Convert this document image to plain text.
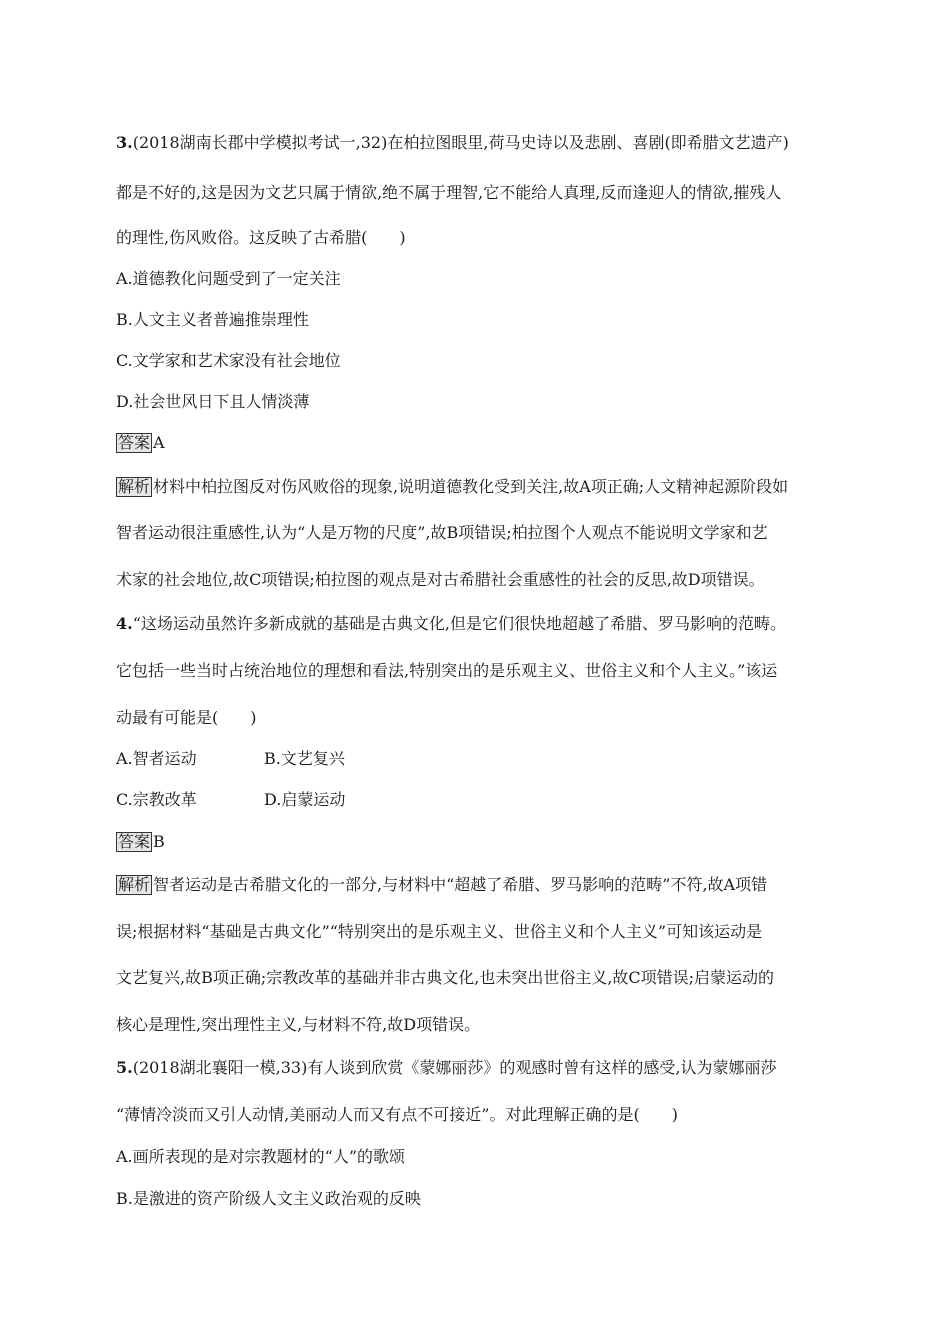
3.(2018湖南长郡中学模拟考试一,32)在柏拉图眼里,荷马史诗以及悲剧、喜剧(即希腊文艺遗产)
都是不好的,这是因为文艺只属于情欲,绝不属于理智,它不能给人真理,反而逢迎人的情欲,摧残人
的理性,伤风败俗。这反映了古希腊(　　)
A.道德教化问题受到了一定关注
B.人文主义者普遍推崇理性
C.文学家和艺术家没有社会地位
D.社会世风日下且人情淡薄
答案 A
解析 材料中柏拉图反对伤风败俗的现象,说明道德教化受到关注,故A项正确;人文精神起源阶段如
智者运动很注重感性,认为“人是万物的尺度”,故B项错误;柏拉图个人观点不能说明文学家和艺
术家的社会地位,故C项错误;柏拉图的观点是对古希腊社会重感性的社会的反思,故D项错误。
4.“这场运动虽然许多新成就的基础是古典文化,但是它们很快地超越了希腊、罗马影响的范畴。
它包括一些当时占统治地位的理想和看法,特别突出的是乐观主义、世俗主义和个人主义。”该运
动最有可能是(　　)
A.智者运动	B.文艺复兴
C.宗教改革	D.启蒙运动
答案 B
解析 智者运动是古希腊文化的一部分,与材料中“超越了希腊、罗马影响的范畴”不符,故A项错
误;根据材料“基础是古典文化”“特别突出的是乐观主义、世俗主义和个人主义”可知该运动是
文艺复兴,故B项正确;宗教改革的基础并非古典文化,也未突出世俗主义,故C项错误;启蒙运动的
核心是理性,突出理性主义,与材料不符,故D项错误。
5.(2018湖北襄阳一模,33)有人谈到欣赏《蒙娜丽莎》的观感时曾有这样的感受,认为蒙娜丽莎
“薄情冷淡而又引人动情,美丽动人而又有点不可接近”。对此理解正确的是(　　)
A.画所表现的是对宗教题材的“人”的歌颂
B.是激进的资产阶级人文主义政治观的反映
